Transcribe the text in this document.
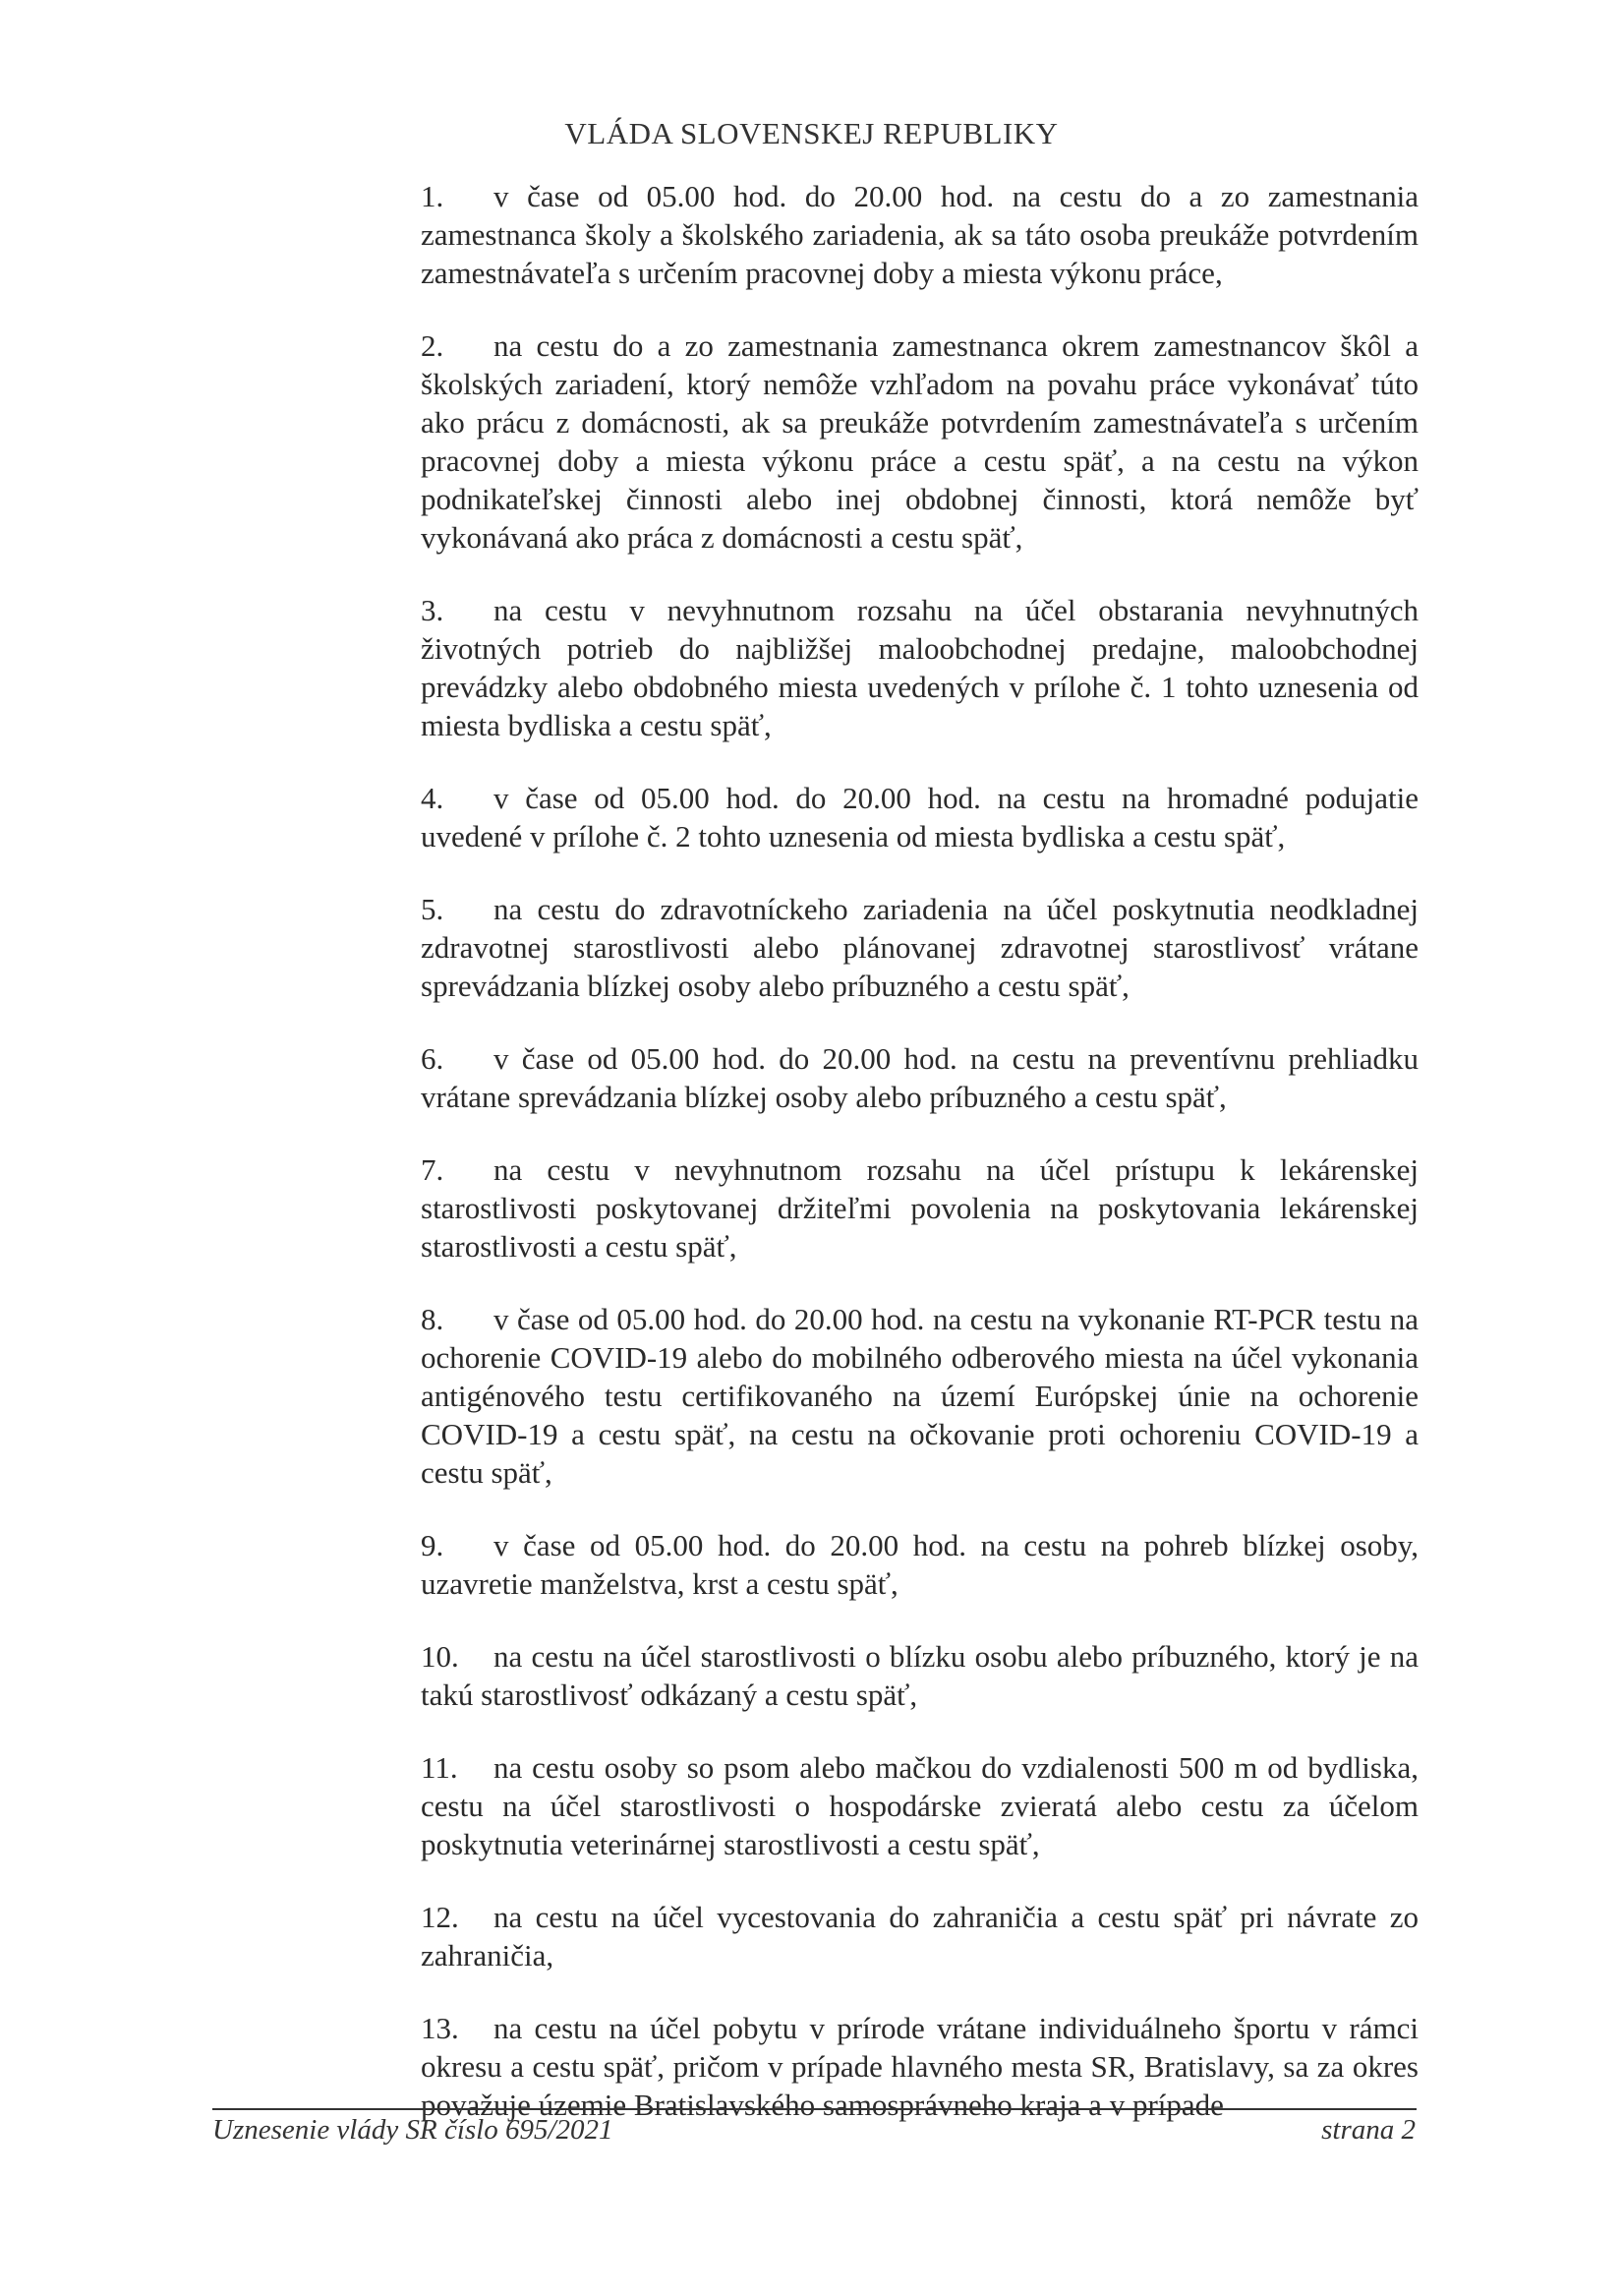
VLÁDA SLOVENSKEJ REPUBLIKY

1. v čase od 05.00 hod. do 20.00 hod. na cestu do a zo zamestnania zamestnanca školy a školského zariadenia, ak sa táto osoba preukáže potvrdením zamestnávateľa s určením pracovnej doby a miesta výkonu práce,

2. na cestu do a zo zamestnania zamestnanca okrem zamestnancov škôl a školských zariadení, ktorý nemôže vzhľadom na povahu práce vykonávať túto ako prácu z domácnosti, ak sa preukáže potvrdením zamestnávateľa s určením pracovnej doby a miesta výkonu práce a cestu späť, a na cestu na výkon podnikateľskej činnosti alebo inej obdobnej činnosti, ktorá nemôže byť vykonávaná ako práca z domácnosti a cestu späť,

3. na cestu v nevyhnutnom rozsahu na účel obstarania nevyhnutných životných potrieb do najbližšej maloobchodnej predajne, maloobchodnej prevádzky alebo obdobného miesta uvedených v prílohe č. 1 tohto uznesenia od miesta bydliska a cestu späť,

4. v čase od 05.00 hod. do 20.00 hod. na cestu na hromadné podujatie uvedené v prílohe č. 2 tohto uznesenia od miesta bydliska a cestu späť,

5. na cestu do zdravotníckeho zariadenia na účel poskytnutia neodkladnej zdravotnej starostlivosti alebo plánovanej zdravotnej starostlivosť vrátane sprevádzania blízkej osoby alebo príbuzného a cestu späť,

6. v čase od 05.00 hod. do 20.00 hod. na cestu na preventívnu prehliadku vrátane sprevádzania blízkej osoby alebo príbuzného a cestu späť,

7. na cestu v nevyhnutnom rozsahu na účel prístupu k lekárenskej starostlivosti poskytovanej držiteľmi povolenia na poskytovania lekárenskej starostlivosti a cestu späť,

8. v čase od 05.00 hod. do 20.00 hod. na cestu na vykonanie RT-PCR testu na ochorenie COVID-19 alebo do mobilného odberového miesta na účel vykonania antigénového testu certifikovaného na území Európskej únie na ochorenie COVID-19 a cestu späť, na cestu na očkovanie proti ochoreniu COVID-19 a cestu späť,

9. v čase od 05.00 hod. do 20.00 hod. na cestu na pohreb blízkej osoby, uzavretie manželstva, krst a cestu späť,

10. na cestu na účel starostlivosti o blízku osobu alebo príbuzného, ktorý je na takú starostlivosť odkázaný a cestu späť,

11. na cestu osoby so psom alebo mačkou do vzdialenosti 500 m od bydliska, cestu na účel starostlivosti o hospodárske zvieratá alebo cestu za účelom poskytnutia veterinárnej starostlivosti a cestu späť,

12. na cestu na účel vycestovania do zahraničia a cestu späť pri návrate zo zahraničia,

13. na cestu na účel pobytu v prírode vrátane individuálneho športu v rámci okresu a cestu späť, pričom v prípade hlavného mesta SR, Bratislavy, sa za okres považuje územie Bratislavského samosprávneho kraja a v prípade

Uznesenie vlády SR číslo 695/2021	strana 2
